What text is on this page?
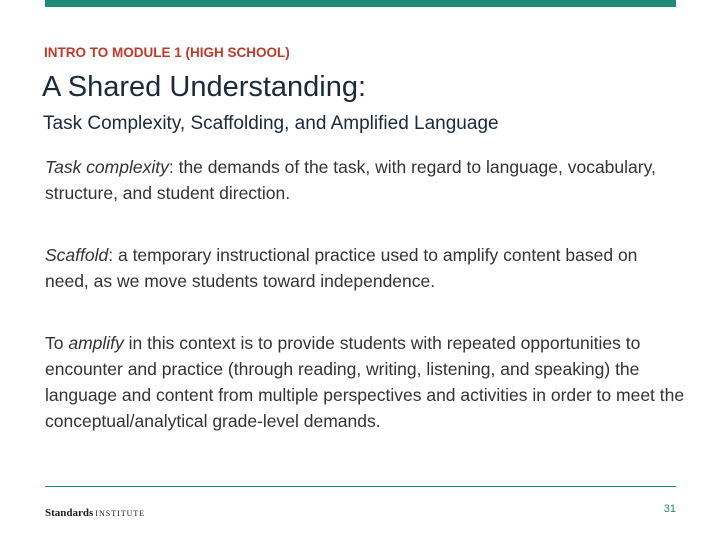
INTRO TO MODULE 1 (HIGH SCHOOL)
A Shared Understanding:
Task Complexity, Scaffolding, and Amplified Language

Task complexity: the demands of the task, with regard to language, vocabulary, structure, and student direction.

Scaffold: a temporary instructional practice used to amplify content based on need, as we move students toward independence.

To amplify in this context is to provide students with repeated opportunities to encounter and practice (through reading, writing, listening, and speaking) the language and content from multiple perspectives and activities in order to meet the conceptual/analytical grade-level demands.

Standards INSTITUTE	31
